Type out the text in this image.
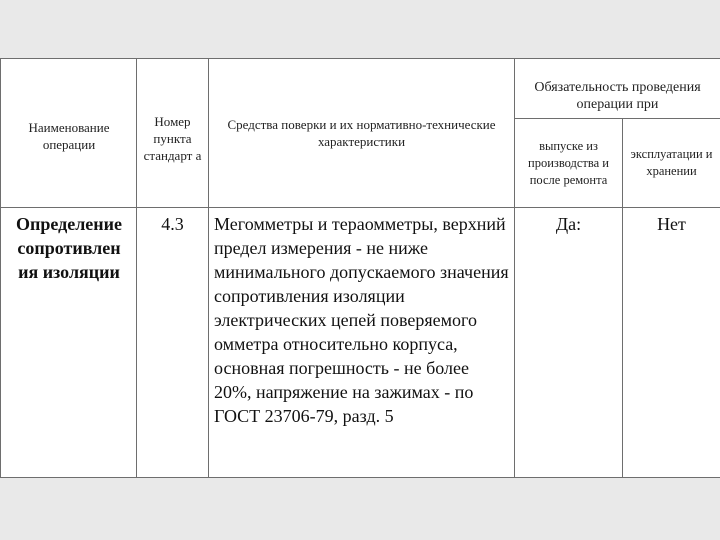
Наименование операции
Номер пункта стандарт а
Средства поверки и их нормативно-технические характеристики
Обязательность проведения операции при
выпуске из производства и после ремонта
эксплуатации и хранении
Определение сопротивлен ия изоляции
4.3 Мегомметры и тераомметры, верхний предел измерения - не ниже минимального допускаемого значения сопротивления изоляции электрических цепей поверяемого омметра относительно корпуса, основная погрешность - не более 20%, напряжение на зажимах - по ГОСТ 23706-79, разд. 5
Да:	Нет
